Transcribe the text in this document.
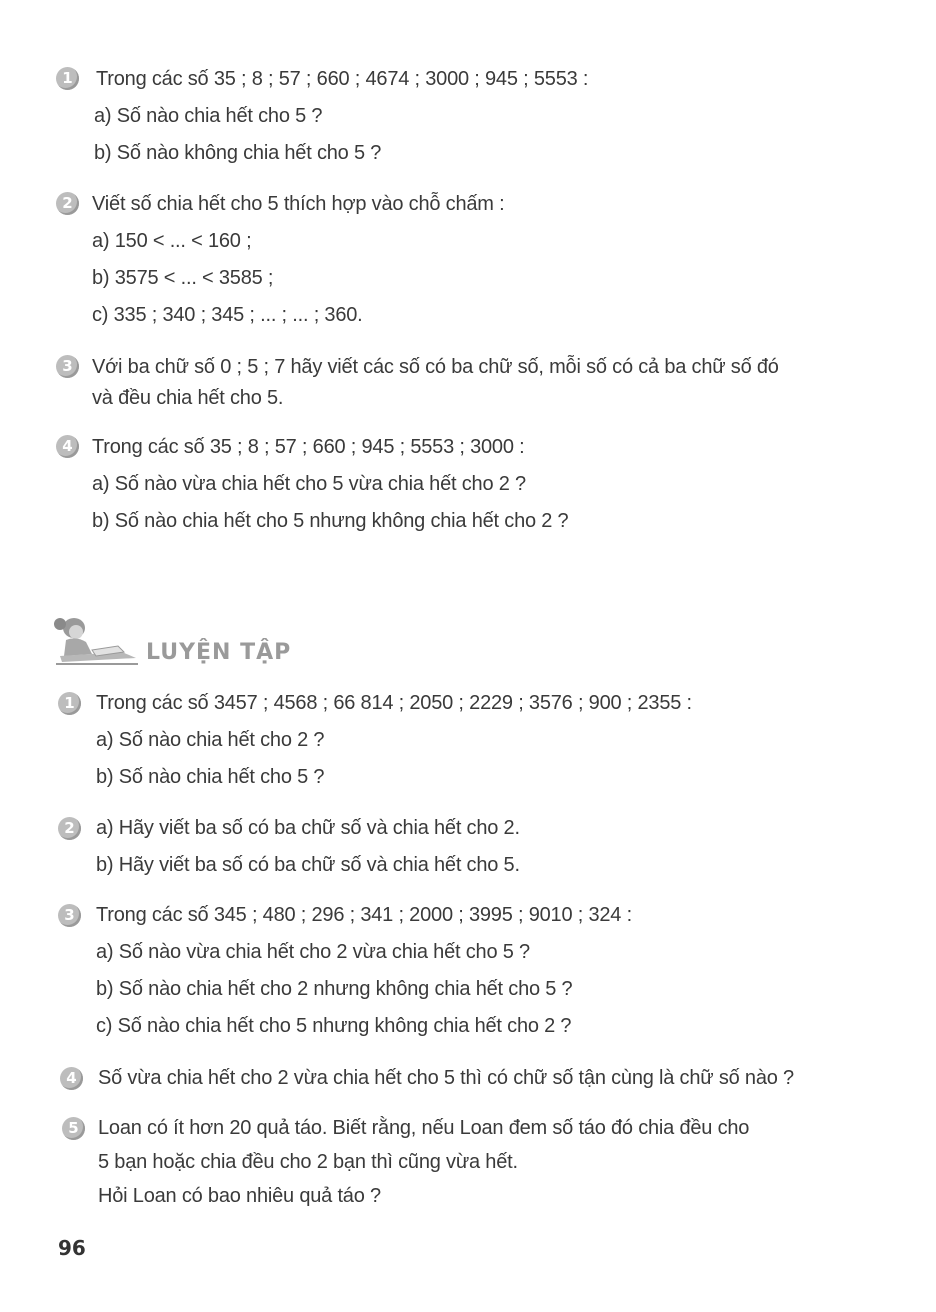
1	Trong các số 35 ; 8 ; 57 ; 660 ; 4674 ; 3000 ; 945 ; 5553 :
a) Số nào chia hết cho 5 ?
b) Số nào không chia hết cho 5 ?
2 Viết số chia hết cho 5 thích hợp vào chỗ chấm :
a) 150 < ... < 160 ;
b) 3575 < ... < 3585 ;
c) 335 ; 340 ; 345 ; ... ; ... ; 360.
3 Với ba chữ số 0 ; 5 ; 7 hãy viết các số có ba chữ số, mỗi số có cả ba chữ số đó
và đều chia hết cho 5.
4 Trong các số 35 ; 8 ; 57 ; 660 ; 945 ; 5553 ; 3000 :
a) Số nào vừa chia hết cho 5 vừa chia hết cho 2 ?
b) Số nào chia hết cho 5 nhưng không chia hết cho 2 ?
LUYỆN TẬP
1	Trong các số 3457 ; 4568 ; 66 814 ; 2050 ; 2229 ; 3576 ; 900 ; 2355 :
a) Số nào chia hết cho 2 ?
b) Số nào chia hết cho 5 ?
2	a) Hãy viết ba số có ba chữ số và chia hết cho 2.
b) Hãy viết ba số có ba chữ số và chia hết cho 5.
3	Trong các số 345 ; 480 ; 296 ; 341 ; 2000 ; 3995 ; 9010 ; 324 :
a) Số nào vừa chia hết cho 2 vừa chia hết cho 5 ?
b) Số nào chia hết cho 2 nhưng không chia hết cho 5 ?
c) Số nào chia hết cho 5 nhưng không chia hết cho 2 ?
4	Số vừa chia hết cho 2 vừa chia hết cho 5 thì có chữ số tận cùng là chữ số nào ?
5 Loan có ít hơn 20 quả táo. Biết rằng, nếu Loan đem số táo đó chia đều cho
5 bạn hoặc chia đều cho 2 bạn thì cũng vừa hết.
Hỏi Loan có bao nhiêu quả táo ?
96
